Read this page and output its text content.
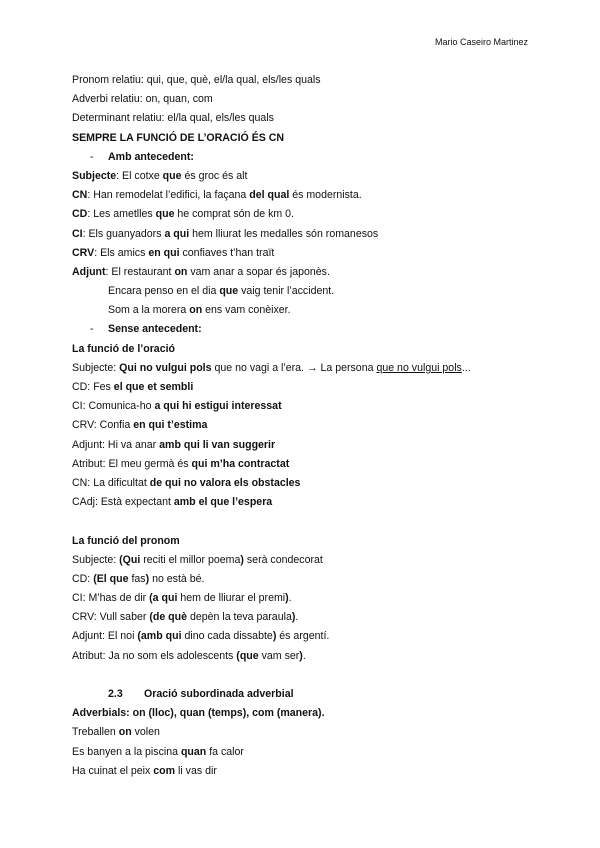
Mario Caseiro Martinez
Pronom relatiu: qui, que, què, el/la qual, els/les quals
Adverbi relatiu: on, quan, com
Determinant relatiu: el/la qual, els/les quals
SEMPRE LA FUNCIÓ DE L’ORACIÓ ÉS CN
- Amb antecedent:
Subjecte: El cotxe que és groc és alt
CN: Han remodelat l’edifici, la façana del qual és modernista.
CD: Les ametlles que he comprat són de km 0.
CI: Els guanyadors a qui hem lliurat les medalles són romanesos
CRV: Els amics en qui confiaves t’han traït
Adjunt: El restaurant on vam anar a sopar és japonès.
Encara penso en el dia que vaig tenir l’accident.
Som a la morera on ens vam conèixer.
- Sense antecedent:
La funció de l’oració
Subjecte: Qui no vulgui pols que no vagi a l’era. → La persona que no vulgui pols...
CD: Fes el que et sembli
CI: Comunica-ho a qui hi estigui interessat
CRV: Confia en qui t’estima
Adjunt: Hi va anar amb qui li van suggerir
Atribut: El meu germà és qui m’ha contractat
CN: La dificultat de qui no valora els obstacles
CAdj: Està expectant amb el que l’espera
La funció del pronom
Subjecte: (Qui reciti el millor poema) serà condecorat
CD: (El que fas) no està bé.
CI: M’has de dir (a qui hem de lliurar el premi).
CRV: Vull saber (de què depèn la teva paraula).
Adjunt: El noi (amb qui dino cada dissabte) és argentí.
Atribut: Ja no som els adolescents (que vam ser).
2.3 Oració subordinada adverbial
Adverbials: on (lloc), quan (temps), com (manera).
Treballen on volen
Es banyen a la piscina quan fa calor
Ha cuinat el peix com li vas dir
